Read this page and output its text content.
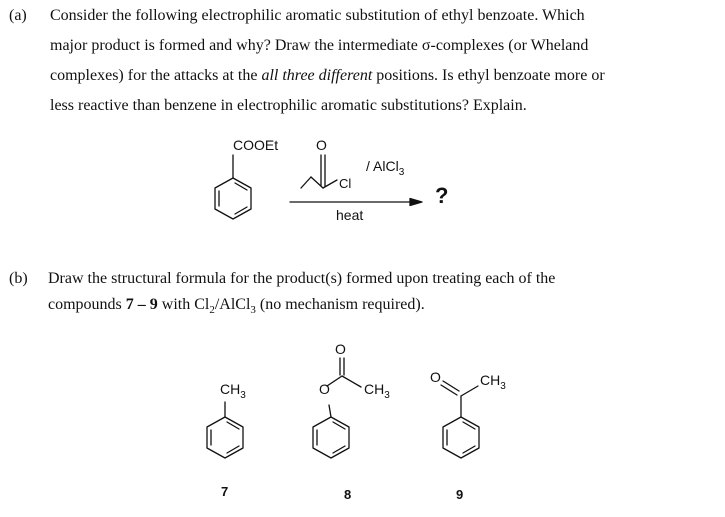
(a) Consider the following electrophilic aromatic substitution of ethyl benzoate. Which
major product is formed and why? Draw the intermediate σ-complexes (or Wheland
complexes) for the attacks at the all three different positions. Is ethyl benzoate more or
less reactive than benzene in electrophilic aromatic substitutions? Explain.
COOEt	O
Cl
/ AlCl$_3$
heat
?
(b) Draw the structural formula for the product(s) formed upon treating each of the
compounds 7 – 9 with $Cl_2/AlCl_3$ (no mechanism required).
$CH_3$
7
O
O $CH_3$
8
O	$CH_3$
9
